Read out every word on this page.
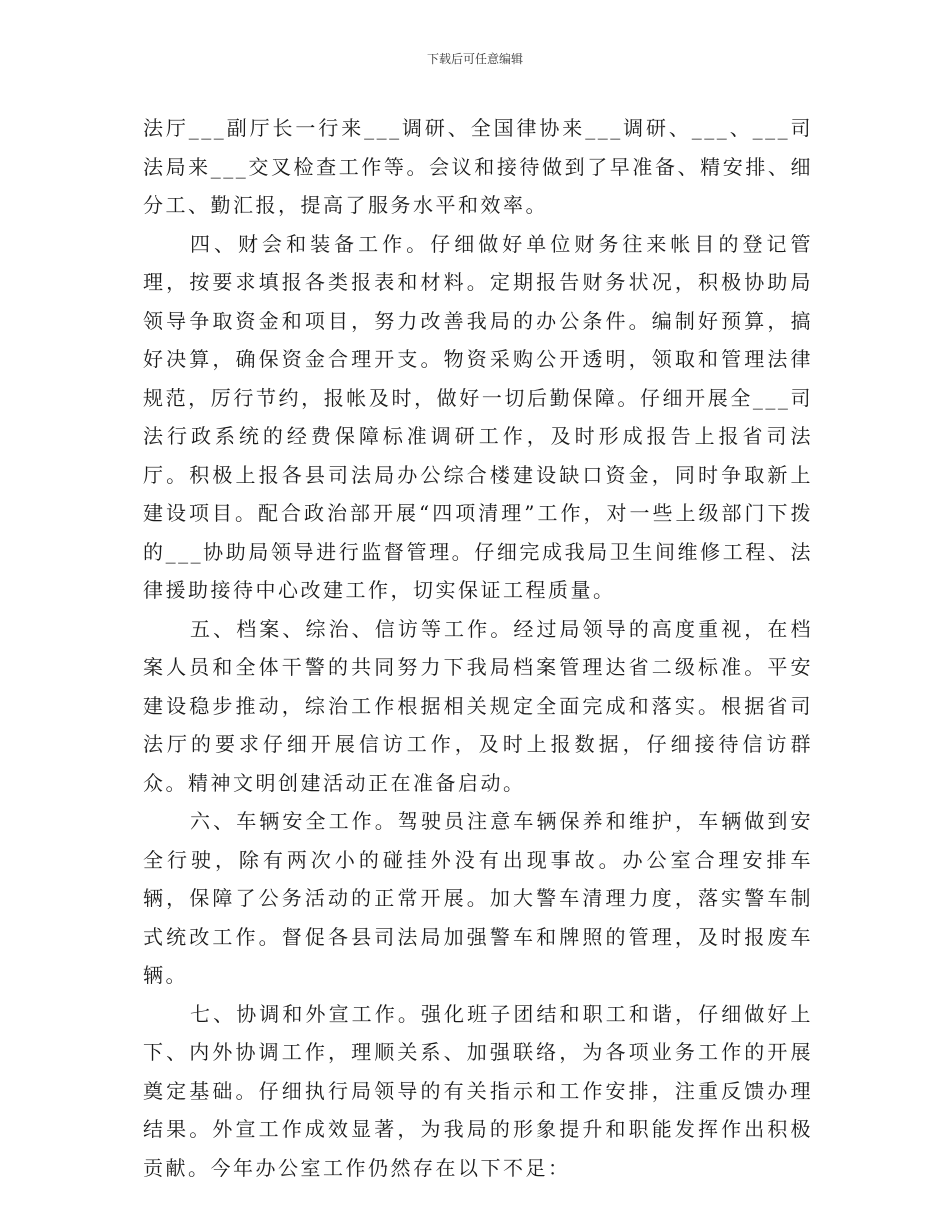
下载后可任意编辑

法厅___副厅长一行来___调研、全国律协来___调研、___、___司法局来___交叉检查工作等。会议和接待做到了早准备、精安排、细分工、勤汇报，提高了服务水平和效率。

四、财会和装备工作。仔细做好单位财务往来帐目的登记管理，按要求填报各类报表和材料。定期报告财务状况，积极协助局领导争取资金和项目，努力改善我局的办公条件。编制好预算，搞好决算，确保资金合理开支。物资采购公开透明，领取和管理法律规范，厉行节约，报帐及时，做好一切后勤保障。仔细开展全___司法行政系统的经费保障标准调研工作，及时形成报告上报省司法厅。积极上报各县司法局办公综合楼建设缺口资金，同时争取新上建设项目。配合政治部开展“四项清理”工作，对一些上级部门下拨的___协助局领导进行监督管理。仔细完成我局卫生间维修工程、法律援助接待中心改建工作，切实保证工程质量。

五、档案、综治、信访等工作。经过局领导的高度重视，在档案人员和全体干警的共同努力下我局档案管理达省二级标准。平安建设稳步推动，综治工作根据相关规定全面完成和落实。根据省司法厅的要求仔细开展信访工作，及时上报数据，仔细接待信访群众。精神文明创建活动正在准备启动。

六、车辆安全工作。驾驶员注意车辆保养和维护，车辆做到安全行驶，除有两次小的碰挂外没有出现事故。办公室合理安排车辆，保障了公务活动的正常开展。加大警车清理力度，落实警车制式统改工作。督促各县司法局加强警车和牌照的管理，及时报废车辆。

七、协调和外宣工作。强化班子团结和职工和谐，仔细做好上下、内外协调工作，理顺关系、加强联络，为各项业务工作的开展奠定基础。仔细执行局领导的有关指示和工作安排，注重反馈办理结果。外宣工作成效显著，为我局的形象提升和职能发挥作出积极贡献。今年办公室工作仍然存在以下不足：
